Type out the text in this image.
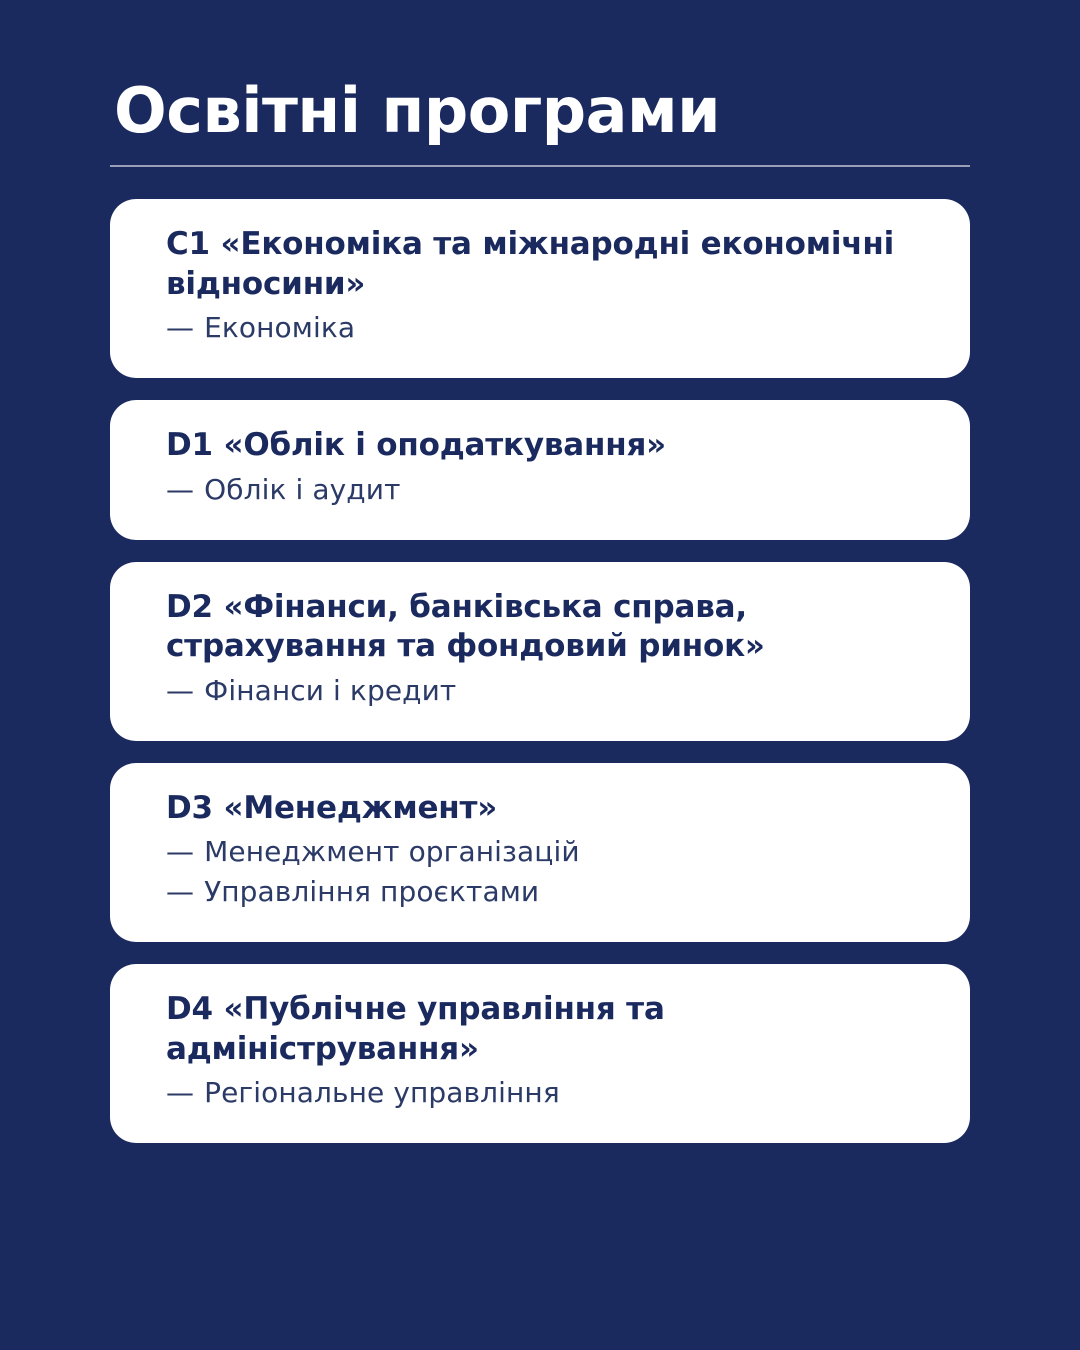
Освітні програми
C1 «Економіка та міжнародні економічні відносини»
— Економіка
D1 «Облік і оподаткування»
— Облік і аудит
D2 «Фінанси, банківська справа, страхування та фондовий ринок»
— Фінанси і кредит
D3 «Менеджмент»
— Менеджмент організацій
— Управління проєктами
D4 «Публічне управління та адміністрування»
— Регіональне управління
